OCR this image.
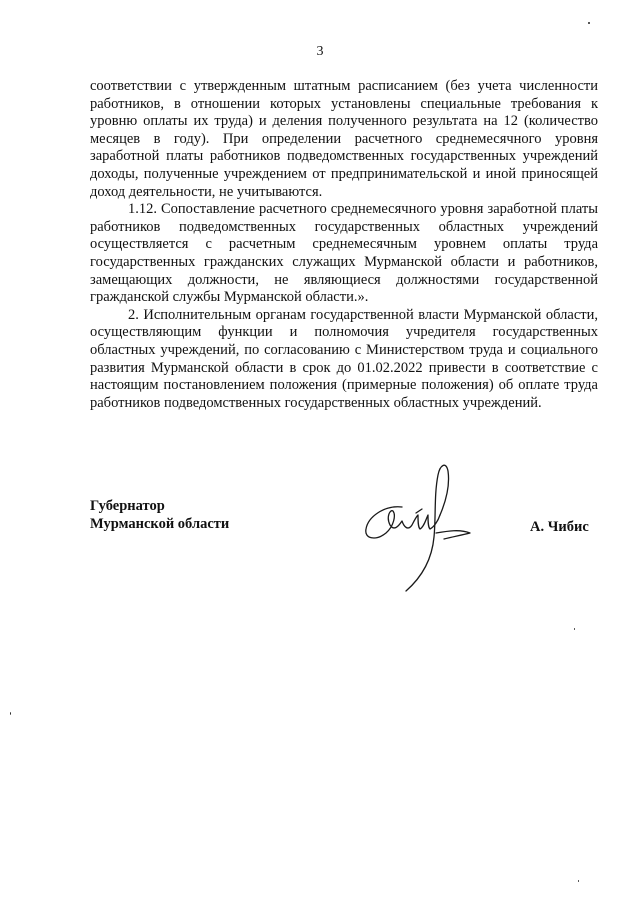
3

соответствии с утвержденным штатным расписанием (без учета численности работников, в отношении которых установлены специальные требования к уровню оплаты их труда) и деления полученного результата на 12 (количество месяцев в году). При определении расчетного среднемесячного уровня заработной платы работников подведомственных государственных учреждений доходы, полученные учреждением от предпринимательской и иной приносящей доход деятельности, не учитываются.

1.12. Сопоставление расчетного среднемесячного уровня заработной платы работников подведомственных государственных областных учреждений осуществляется с расчетным среднемесячным уровнем оплаты труда государственных гражданских служащих Мурманской области и работников, замещающих должности, не являющиеся должностями государственной гражданской службы Мурманской области.».

2. Исполнительным органам государственной власти Мурманской области, осуществляющим функции и полномочия учредителя государственных областных учреждений, по согласованию с Министерством труда и социального развития Мурманской области в срок до 01.02.2022 привести в соответствие с настоящим постановлением положения (примерные положения) об оплате труда работников подведомственных государственных областных учреждений.

Губернатор
Мурманской области	А. Чибис
